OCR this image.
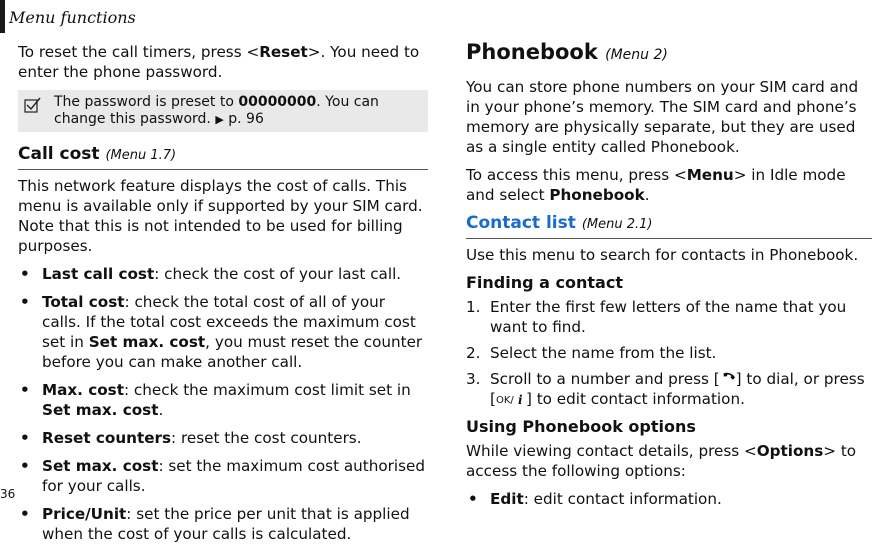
Menu functions

To reset the call timers, press <Reset>. You need to enter the phone password.

The password is preset to 00000000. You can change this password. ▶ p. 96
Call cost (Menu 1.7)

This network feature displays the cost of calls. This menu is available only if supported by your SIM card. Note that this is not intended to be used for billing purposes.

• Last call cost: check the cost of your last call.
• Total cost: check the total cost of all of your calls. If the total cost exceeds the maximum cost set in Set max. cost, you must reset the counter before you can make another call.
• Max. cost: check the maximum cost limit set in Set max. cost.
• Reset counters: reset the cost counters.
• Set max. cost: set the maximum cost authorised for your calls.
• Price/Unit: set the price per unit that is applied when the cost of your calls is calculated.
Phonebook (Menu 2)

You can store phone numbers on your SIM card and in your phone’s memory. The SIM card and phone’s memory are physically separate, but they are used as a single entity called Phonebook.

To access this menu, press <Menu> in Idle mode and select Phonebook.

Contact list (Menu 2.1)

Use this menu to search for contacts in Phonebook.

Finding a contact
1. Enter the first few letters of the name that you want to find.
2. Select the name from the list.
3. Scroll to a number and press [ ] to dial, or press [ OK/ i ] to edit contact information.
Using Phonebook options

While viewing contact details, press <Options> to access the following options:

• Edit: edit contact information.
36
